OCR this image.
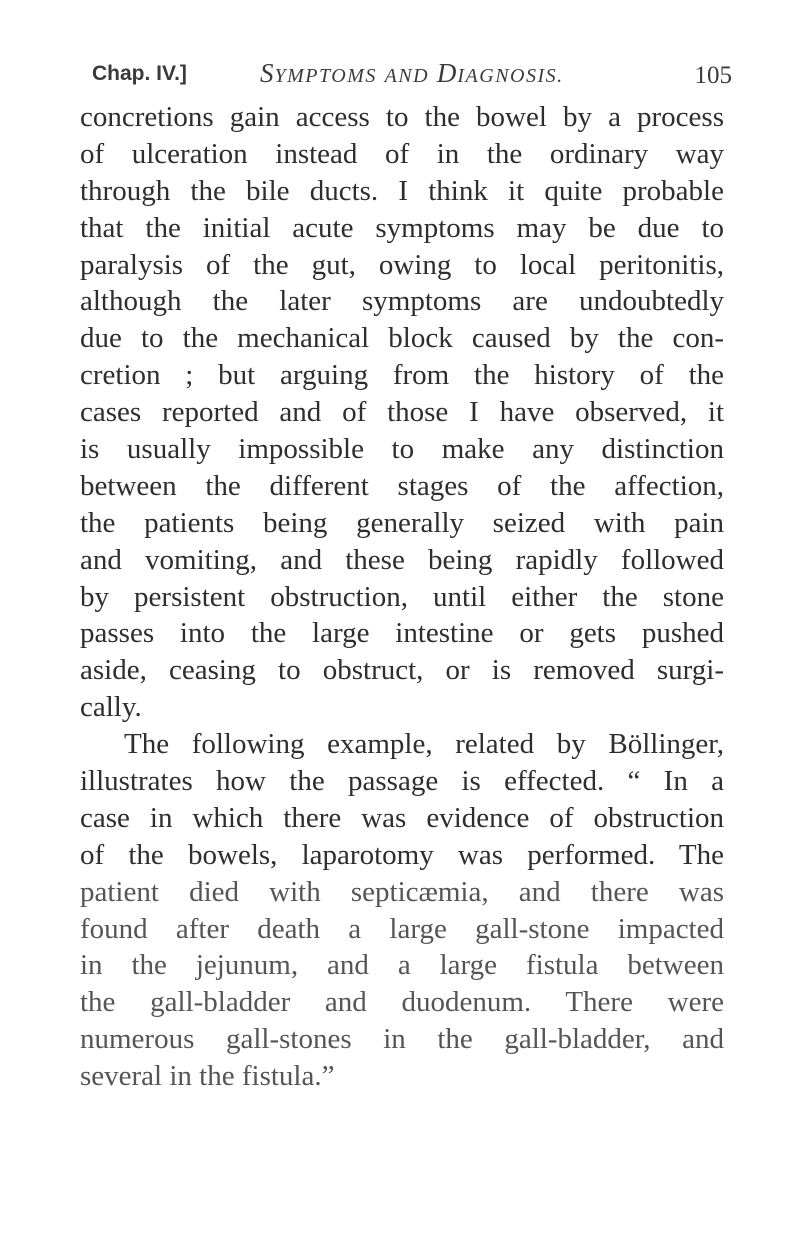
Chap. IV.]	SYMPTOMS AND DIAGNOSIS.	105
concretions gain access to the bowel by a process
of ulceration instead of in the ordinary way
through the bile ducts. I think it quite probable
that the initial acute symptoms may be due to
paralysis of the gut, owing to local peritonitis,
although the later symptoms are undoubtedly
due to the mechanical block caused by the con-
cretion ; but arguing from the history of the
cases reported and of those I have observed, it
is usually impossible to make any distinction
between the different stages of the affection,
the patients being generally seized with pain
and vomiting, and these being rapidly followed
by persistent obstruction, until either the stone
passes into the large intestine or gets pushed
aside, ceasing to obstruct, or is removed surgi-
cally.
The following example, related by Böllinger,
illustrates how the passage is effected. “ In a
case in which there was evidence of obstruction
of the bowels, laparotomy was performed. The
patient died with septicæmia, and there was
found after death a large gall-stone impacted
in the jejunum, and a large fistula between
the gall-bladder and duodenum. There were
numerous gall-stones in the gall-bladder, and
several in the fistula.”
